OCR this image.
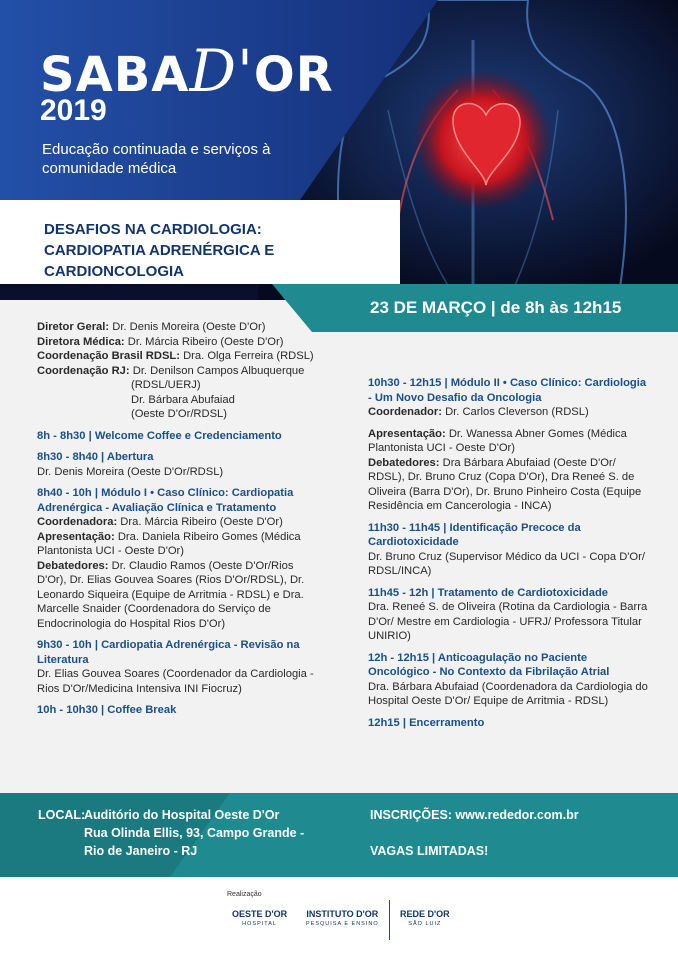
SABAD'OR
2019
Educação continuada e serviços à comunidade médica
DESAFIOS NA CARDIOLOGIA: CARDIOPATIA ADRENÉRGICA E CARDIONCOLOGIA
23 DE MARÇO | de 8h às 12h15

Diretor Geral: Dr. Denis Moreira (Oeste D'Or)

Diretora Médica: Dr. Márcia Ribeiro (Oeste D'Or)

Coordenação Brasil RDSL: Dra. Olga Ferreira (RDSL)

Coordenação RJ: Dr. Denilson Campos Albuquerque

(RDSL/UERJ)

Dr. Bárbara Abufaiad

(Oeste D'Or/RDSL)

8h - 8h30 | Welcome Coffee e Credenciamento

8h30 - 8h40 | Abertura

Dr. Denis Moreira (Oeste D'Or/RDSL)

8h40 - 10h | Módulo I • Caso Clínico: Cardiopatia Adrenérgica - Avaliação Clínica e Tratamento

Coordenadora: Dra. Márcia Ribeiro (Oeste D'Or)

Apresentação: Dra. Daniela Ribeiro Gomes (Médica Plantonista UCI - Oeste D'Or)

Debatedores: Dr. Claudio Ramos (Oeste D'Or/Rios D'Or), Dr. Elias Gouvea Soares (Rios D'Or/RDSL), Dr. Leonardo Siqueira (Equipe de Arritmia - RDSL) e Dra. Marcelle Snaider (Coordenadora do Serviço de Endocrinologia do Hospital Rios D'Or)

9h30 - 10h | Cardiopatia Adrenérgica - Revisão na Literatura

Dr. Elias Gouvea Soares (Coordenador da Cardiologia - Rios D'Or/Medicina Intensiva INI Fiocruz)

10h - 10h30 | Coffee Break

10h30 - 12h15 | Módulo II • Caso Clínico: Cardiologia - Um Novo Desafio da Oncologia

Coordenador: Dr. Carlos Cleverson (RDSL)

Apresentação: Dr. Wanessa Abner Gomes (Médica Plantonista UCI - Oeste D'Or)

Debatedores: Dra Bárbara Abufaiad (Oeste D'Or/ RDSL), Dr. Bruno Cruz (Copa D'Or), Dra Reneé S. de Oliveira (Barra D'Or), Dr. Bruno Pinheiro Costa (Equipe Residência em Cancerologia - INCA)

11h30 - 11h45 | Identificação Precoce da Cardiotoxicidade

Dr. Bruno Cruz (Supervisor Médico da UCI - Copa D'Or/ RDSL/INCA)

11h45 - 12h | Tratamento de Cardiotoxicidade

Dra. Reneé S. de Oliveira (Rotina da Cardiologia - Barra D'Or/ Mestre em Cardiologia - UFRJ/ Professora Titular UNIRIO)

12h - 12h15 | Anticoagulação no Paciente Oncológico - No Contexto da Fibrilação Atrial

Dra. Bárbara Abufaiad (Coordenadora da Cardiologia do Hospital Oeste D'Or/ Equipe de Arritmia - RDSL)

12h15 | Encerramento

LOCAL:
Auditório do Hospital Oeste D'Or
Rua Olinda Ellis, 93, Campo Grande -
Rio de Janeiro - RJ
INSCRIÇÕES: www.rededor.com.br
VAGAS LIMITADAS!
Realização
OESTE D'OR
HOSPITAL
INSTITUTO D'OR
PESQUISA E ENSINO
REDE D'OR
SÃO LUIZ
